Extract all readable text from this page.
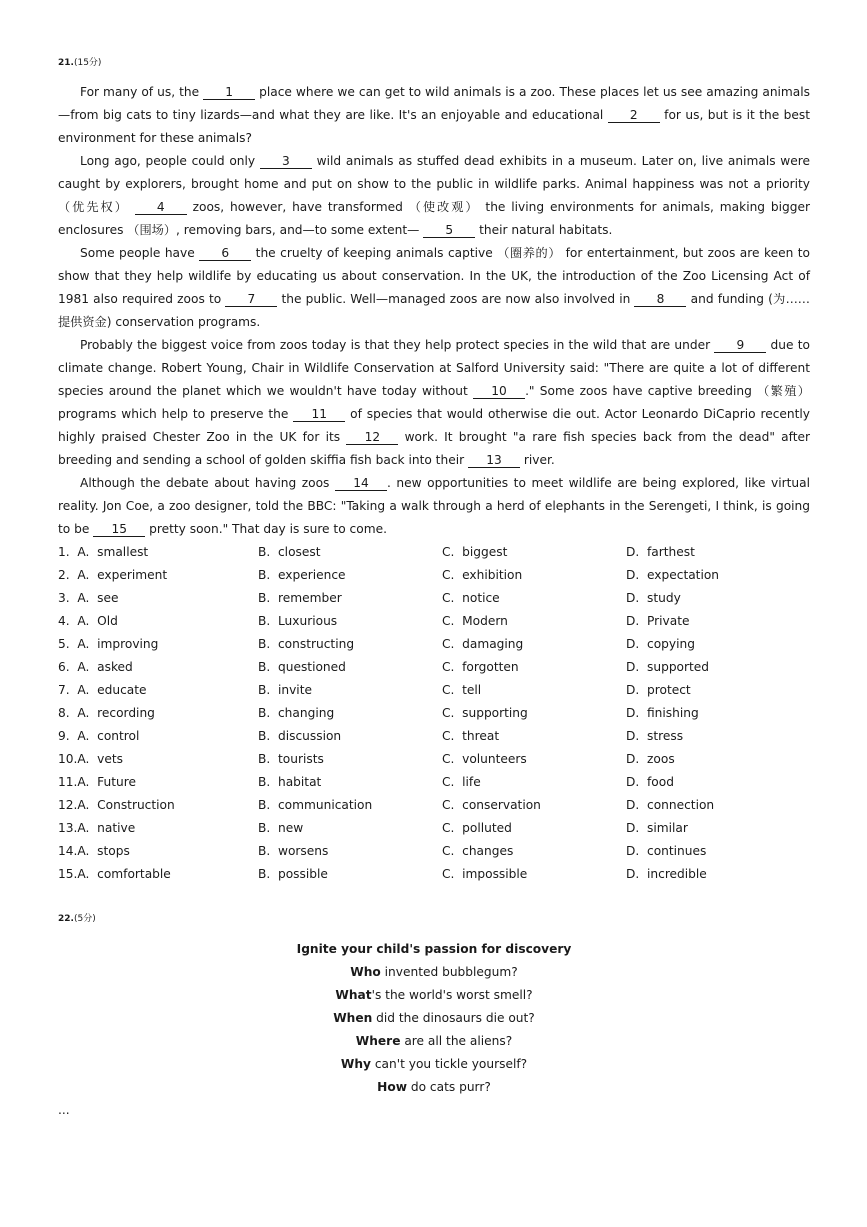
21.(15分)

For many of us, the 1 place where we can get to wild animals is a zoo. These places let us see amazing animals—from big cats to tiny lizards—and what they are like. It's an enjoyable and educational 2 for us, but is it the best environment for these animals?

Long ago, people could only 3 wild animals as stuffed dead exhibits in a museum. Later on, live animals were caught by explorers, brought home and put on show to the public in wildlife parks. Animal happiness was not a priority （优先权） 4 zoos, however, have transformed （使改观） the living environments for animals, making bigger enclosures （围场）, removing bars, and—to some extent— 5 their natural habitats.

Some people have 6 the cruelty of keeping animals captive （圈养的） for entertainment, but zoos are keen to show that they help wildlife by educating us about conservation. In the UK, the introduction of the Zoo Licensing Act of 1981 also required zoos to 7 the public. Well—managed zoos are now also involved in 8 and funding (为……提供资金) conservation programs.

Probably the biggest voice from zoos today is that they help protect species in the wild that are under 9 due to climate change. Robert Young, Chair in Wildlife Conservation at Salford University said: "There are quite a lot of different species around the planet which we wouldn't have today without 10 ." Some zoos have captive breeding （繁殖） programs which help to preserve the 11 of species that would otherwise die out. Actor Leonardo DiCaprio recently highly praised Chester Zoo in the UK for its 12 work. It brought "a rare fish species back from the dead" after breeding and sending a school of golden skiffia fish back into their 13 river.

Although the debate about having zoos 14 . new opportunities to meet wildlife are being explored, like virtual reality. Jon Coe, a zoo designer, told the BBC: "Taking a walk through a herd of elephants in the Serengeti, I think, is going to be 15 pretty soon." That day is sure to come.

1.  A.  smallest	B.  closest	C.  biggest	D.  farthest
2.  A.  experiment	B.  experience	C.  exhibition	D.  expectation
3.  A.  see	B.  remember	C.  notice	D.  study
4.  A.  Old	B.  Luxurious	C.  Modern	D.  Private
5.  A.  improving	B.  constructing	C.  damaging	D.  copying
6.  A.  asked	B.  questioned	C.  forgotten	D.  supported
7.  A.  educate	B.  invite	C.  tell	D.  protect
8.  A.  recording	B.  changing	C.  supporting	D.  finishing
9.  A.  control	B.  discussion	C.  threat	D.  stress
10.A.  vets	B.  tourists	C.  volunteers	D.  zoos
11.A.  Future	B.  habitat	C.  life	D.  food
12.A.  Construction	B.  communication	C.  conservation	D.  connection
13.A.  native	B.  new	C.  polluted	D.  similar
14.A.  stops	B.  worsens	C.  changes	D.  continues
15.A.  comfortable	B.  possible	C.  impossible	D.  incredible
22.(5分)
Ignite your child's passion for discovery
Who invented bubblegum?
What's the world's worst smell?
When did the dinosaurs die out?
Where are all the aliens?
Why can't you tickle yourself?
How do cats purr?
...
